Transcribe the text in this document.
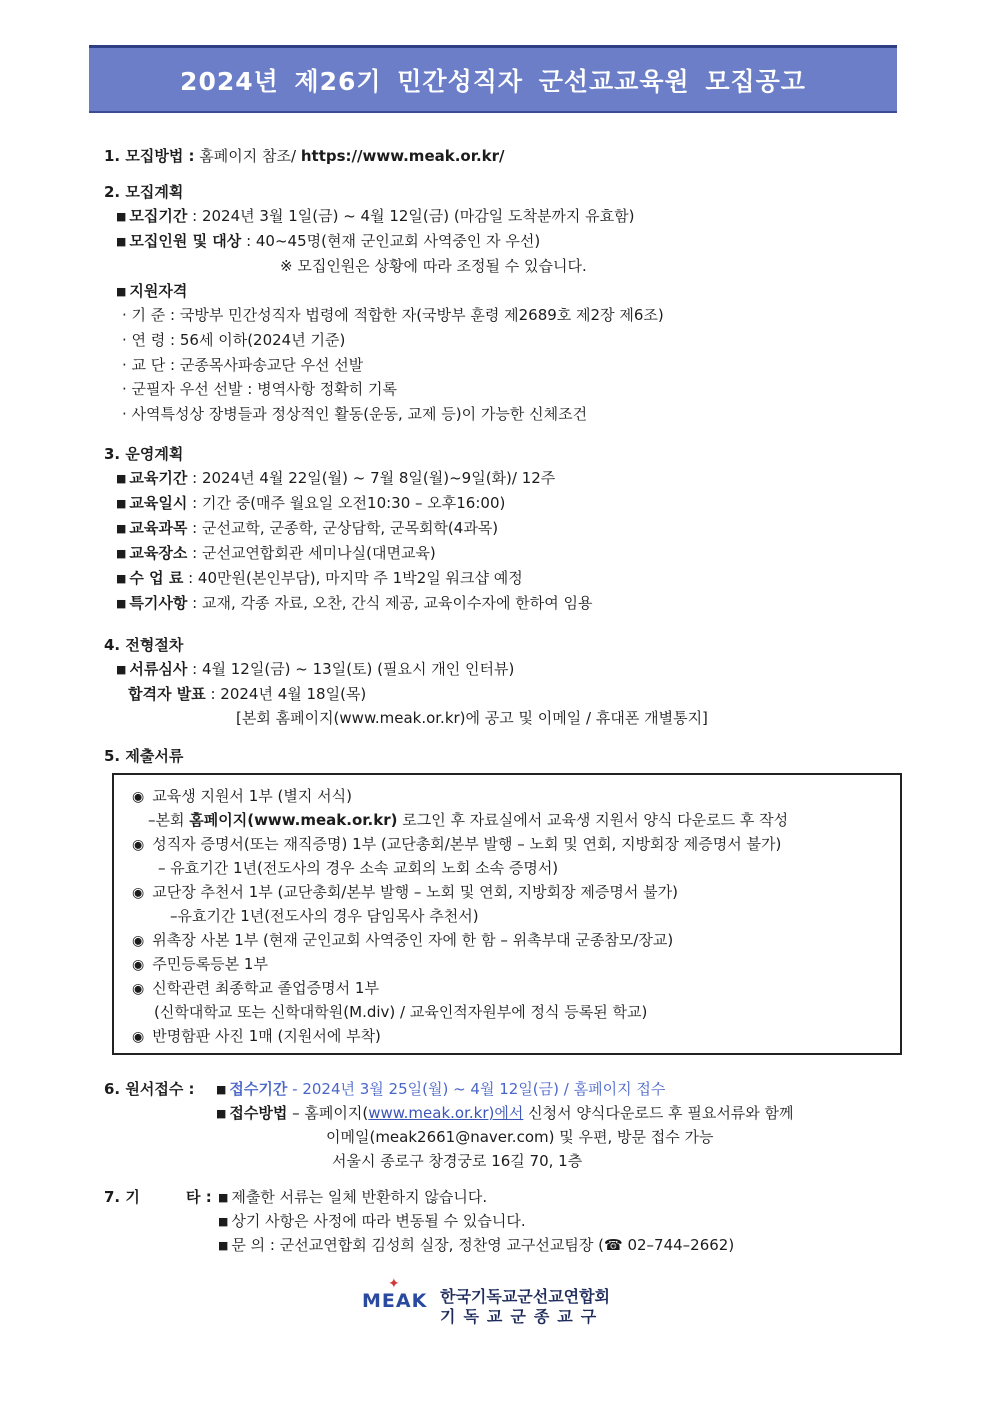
2024년 제26기 민간성직자 군선교교육원 모집공고
1. 모집방법 : 홈페이지 참조/ https://www.meak.or.kr/
2. 모집계획
■ 모집기간 : 2024년 3월 1일(금) ~ 4월 12일(금) (마감일 도착분까지 유효함)
■ 모집인원 및 대상 : 40~45명(현재 군인교회 사역중인 자 우선)
※ 모집인원은 상황에 따라 조정될 수 있습니다.
■ 지원자격
· 기 준 : 국방부 민간성직자 법령에 적합한 자(국방부 훈령 제2689호 제2장 제6조)
· 연 령 : 56세 이하(2024년 기준)
· 교 단 : 군종목사파송교단 우선 선발
· 군필자 우선 선발 : 병역사항 정확히 기록
· 사역특성상 장병들과 정상적인 활동(운동, 교제 등)이 가능한 신체조건
3. 운영계획
■ 교육기간 : 2024년 4월 22일(월) ~ 7월 8일(월)~9일(화)/ 12주
■ 교육일시 : 기간 중(매주 월요일 오전10:30 – 오후16:00)
■ 교육과목 : 군선교학, 군종학, 군상담학, 군목회학(4과목)
■ 교육장소 : 군선교연합회관 세미나실(대면교육)
■ 수 업 료 : 40만원(본인부담), 마지막 주 1박2일 워크샵 예정
■ 특기사항 : 교재, 각종 자료, 오찬, 간식 제공, 교육이수자에 한하여 임용
4. 전형절차
■ 서류심사 : 4월 12일(금) ~ 13일(토) (필요시 개인 인터뷰)
합격자 발표 : 2024년 4월 18일(목)
[본회 홈페이지(www.meak.or.kr)에 공고 및 이메일 / 휴대폰 개별통지]
5. 제출서류
◉ 교육생 지원서 1부 (별지 서식)
–본회 홈페이지(www.meak.or.kr) 로그인 후 자료실에서 교육생 지원서 양식 다운로드 후 작성
◉ 성직자 증명서(또는 재직증명) 1부 (교단총회/본부 발행 – 노회 및 연회, 지방회장 제증명서 불가)
– 유효기간 1년(전도사의 경우 소속 교회의 노회 소속 증명서)
◉ 교단장 추천서 1부 (교단총회/본부 발행 – 노회 및 연회, 지방회장 제증명서 불가)
–유효기간 1년(전도사의 경우 담임목사 추천서)
◉ 위촉장 사본 1부 (현재 군인교회 사역중인 자에 한 함 – 위촉부대 군종참모/장교)
◉ 주민등록등본 1부
◉ 신학관련 최종학교 졸업증명서 1부
(신학대학교 또는 신학대학원(M.div) / 교육인적자원부에 정식 등록된 학교)
◉ 반명함판 사진 1매 (지원서에 부착)
6. 원서접수 : ■ 접수기간 - 2024년 3월 25일(월) ~ 4월 12일(금) / 홈페이지 접수
■ 접수방법 – 홈페이지(www.meak.or.kr)에서 신청서 양식다운로드 후 필요서류와 함께
이메일(meak2661@naver.com) 및 우편, 방문 접수 가능
서울시 종로구 창경궁로 16길 70, 1층
7. 기	타 : ■ 제출한 서류는 일체 반환하지 않습니다.
■ 상기 사항은 사정에 따라 변동될 수 있습니다.
■ 문 의 : 군선교연합회 김성희 실장, 정찬영 교구선교팀장 (☎ 02–744–2662)
MEAK
✦
한국기독교군선교연합회
기독교군종교구
